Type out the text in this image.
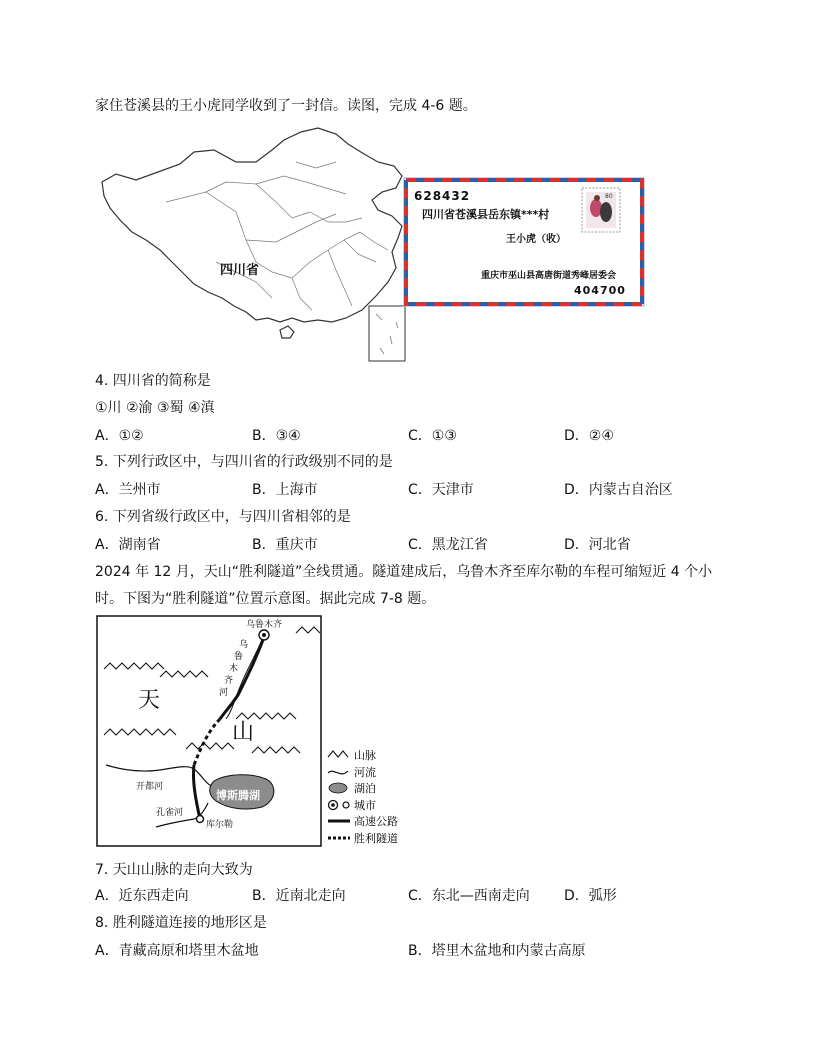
家住苍溪县的王小虎同学收到了一封信。读图，完成 4-6 题。
四川省
628432
四川省苍溪县岳东镇***村
王小虎（收）
重庆市巫山县高唐街道秀峰居委会
404700
80
4. 四川省的简称是
①川 ②渝 ③蜀 ④滇
A．①②	B．③④	C．①③	D．②④
5. 下列行政区中，与四川省的行政级别不同的是
A．兰州市	B．上海市	C．天津市	D．内蒙古自治区
6. 下列省级行政区中，与四川省相邻的是
A．湖南省	B．重庆市	C．黑龙江省	D．河北省
2024 年 12 月，天山“胜利隧道”全线贯通。隧道建成后，乌鲁木齐至库尔勒的车程可缩短近 4 个小
时。下图为“胜利隧道”位置示意图。据此完成 7-8 题。
乌鲁木齐
乌
鲁
木
齐
河
天
山
开都河
孔雀河
博斯腾湖
库尔勒
山脉
河流
湖泊
城市
高速公路
胜利隧道
7. 天山山脉的走向大致为
A．近东西走向	B．近南北走向	C．东北—西南走向 D．弧形
8. 胜利隧道连接的地形区是
A．青藏高原和塔里木盆地	B．塔里木盆地和内蒙古高原
